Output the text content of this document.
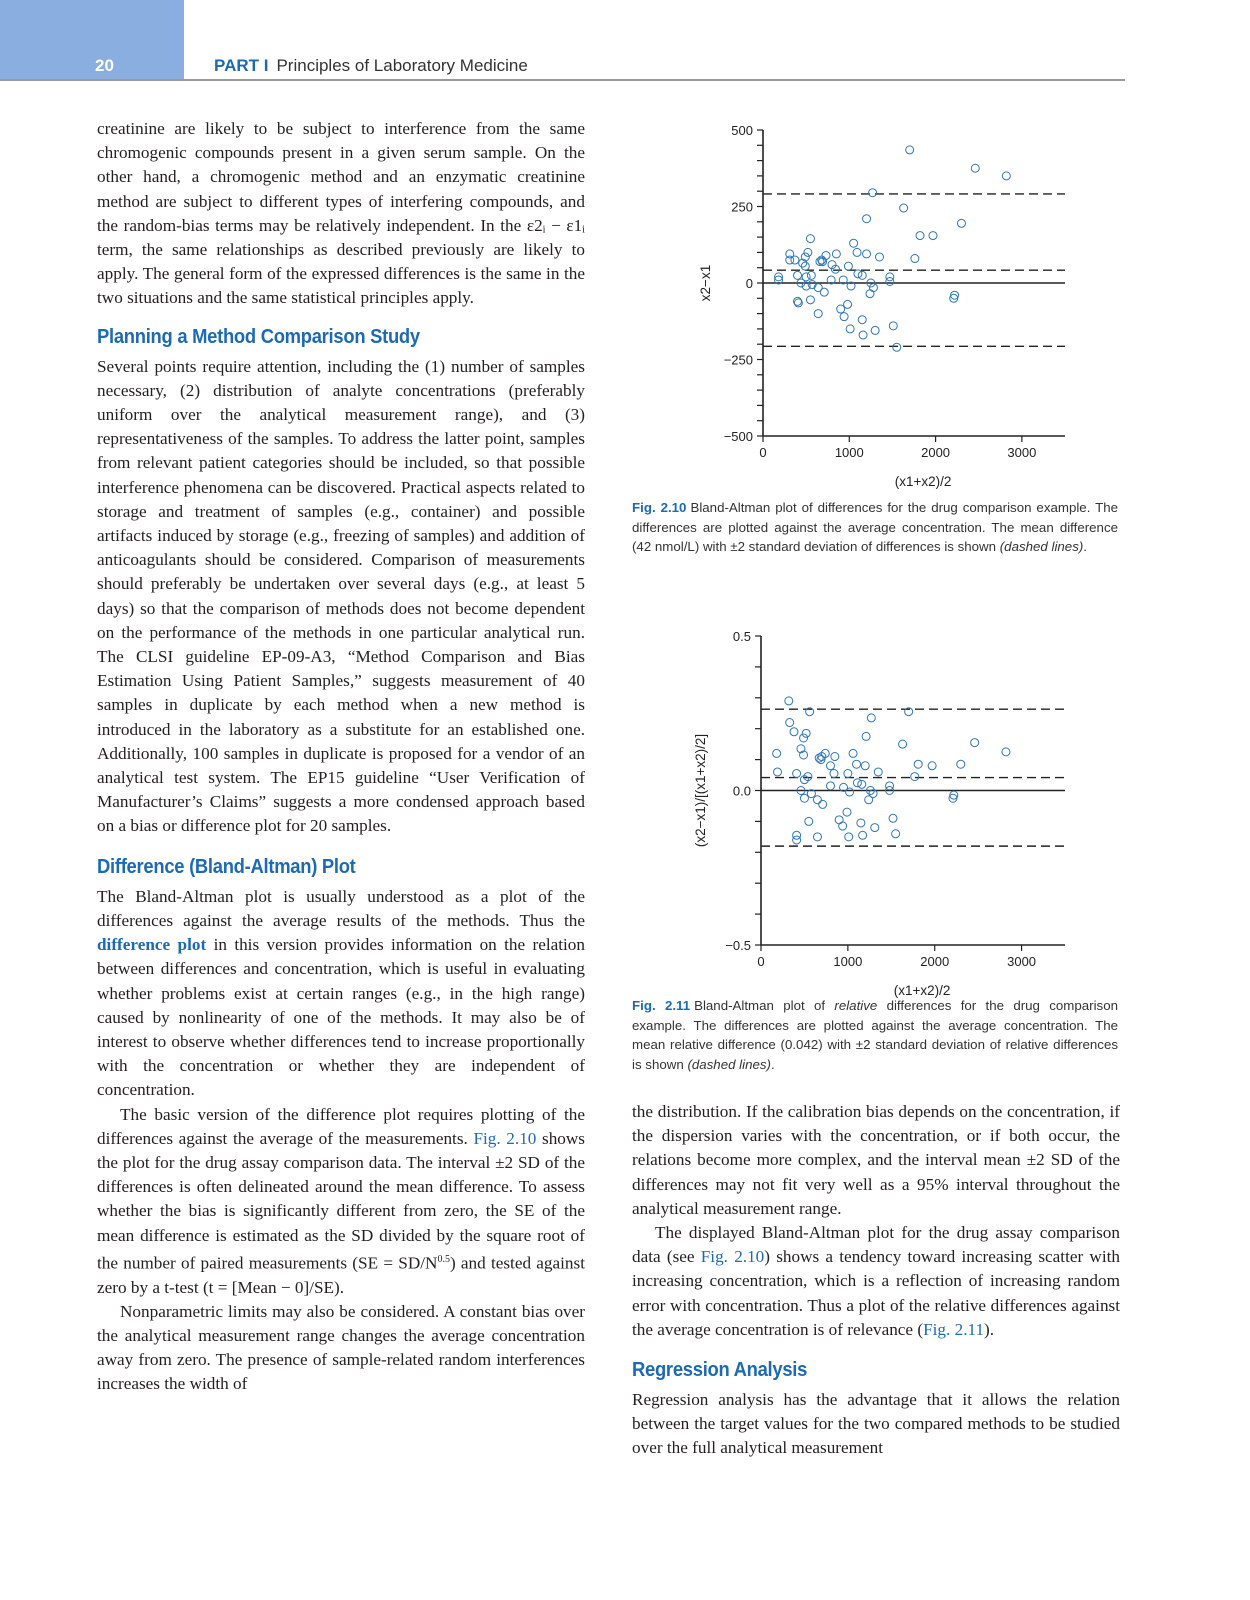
20	PART I Principles of Laboratory Medicine

creatinine are likely to be subject to interference from the same chromogenic compounds present in a given serum sample. On the other hand, a chromogenic method and an enzymatic creatinine method are subject to different types of interfering compounds, and the random-bias terms may be relatively independent. In the ε2ᵢ − ε1ᵢ term, the same relationships as described previously are likely to apply. The general form of the expressed differences is the same in the two situations and the same statistical principles apply.

Planning a Method Comparison Study

Several points require attention, including the (1) number of samples necessary, (2) distribution of analyte concentrations (preferably uniform over the analytical measurement range), and (3) representativeness of the samples. To address the latter point, samples from relevant patient categories should be included, so that possible interference phenomena can be discovered. Practical aspects related to storage and treatment of samples (e.g., container) and possible artifacts induced by storage (e.g., freezing of samples) and addition of anticoagulants should be considered. Comparison of measurements should preferably be undertaken over several days (e.g., at least 5 days) so that the comparison of methods does not become dependent on the performance of the methods in one particular analytical run. The CLSI guideline EP-09-A3, “Method Comparison and Bias Estimation Using Patient Samples,” suggests measurement of 40 samples in duplicate by each method when a new method is introduced in the laboratory as a substitute for an established one. Additionally, 100 samples in duplicate is proposed for a vendor of an analytical test system. The EP15 guideline “User Verification of Manufacturer’s Claims” suggests a more condensed approach based on a bias or difference plot for 20 samples.

Difference (Bland-Altman) Plot

The Bland-Altman plot is usually understood as a plot of the differences against the average results of the methods. Thus the difference plot in this version provides information on the relation between differences and concentration, which is useful in evaluating whether problems exist at certain ranges (e.g., in the high range) caused by nonlinearity of one of the methods. It may also be of interest to observe whether differences tend to increase proportionally with the concentration or whether they are independent of concentration.

The basic version of the difference plot requires plotting of the differences against the average of the measurements. Fig. 2.10 shows the plot for the drug assay comparison data. The interval ±2 SD of the differences is often delineated around the mean difference. To assess whether the bias is significantly different from zero, the SE of the mean difference is estimated as the SD divided by the square root of the number of paired measurements $(SE = SD/N^{0.5})$ and tested against zero by a t-test (t = [Mean − 0]/SE).

Nonparametric limits may also be considered. A constant bias over the analytical measurement range changes the average concentration away from zero. The presence of sample-related random interferences increases the width of

−500
−250
0
250
500
0	1000	2000	3000
(x1+x2)/2
x2−x1
Fig. 2.10 Bland-Altman plot of differences for the drug comparison example. The differences are plotted against the average concentration. The mean difference (42 nmol/L) with ±2 standard deviation of differences is shown (dashed lines).
−0.5
0.0
0.5
0	1000	2000	3000
(x1+x2)/2
(x2−x1)/[(x1+x2)/2]
Fig. 2.11 Bland-Altman plot of relative differences for the drug comparison example. The differences are plotted against the average concentration. The mean relative difference (0.042) with ±2 standard deviation of relative differences is shown (dashed lines).

the distribution. If the calibration bias depends on the concentration, if the dispersion varies with the concentration, or if both occur, the relations become more complex, and the interval mean ±2 SD of the differences may not fit very well as a 95% interval throughout the analytical measurement range.

The displayed Bland-Altman plot for the drug assay comparison data (see Fig. 2.10) shows a tendency toward increasing scatter with increasing concentration, which is a reflection of increasing random error with concentration. Thus a plot of the relative differences against the average concentration is of relevance (Fig. 2.11).

Regression Analysis

Regression analysis has the advantage that it allows the relation between the target values for the two compared methods to be studied over the full analytical measurement
